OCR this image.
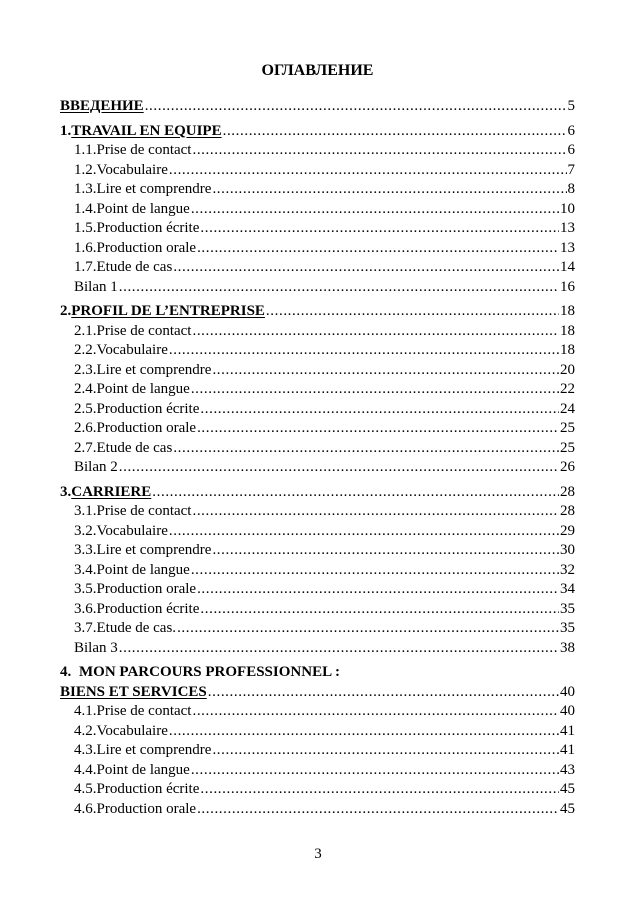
ОГЛАВЛЕНИЕ
ВВЕДЕНИЕ .....	5
1. TRAVAIL EN EQUIPE .....	6
1.1. Prise de contact .....	6
1.2. Vocabulaire .....	7
1.3. Lire et comprendre .....	8
1.4. Point de langue .....	10
1.5. Production écrite .....	13
1.6. Production orale .....	13
1.7. Etude de cas .....	14
Bilan 1 .....	16
2. PROFIL DE L’ENTREPRISE .....	18
2.1. Prise de contact .....	18
2.2. Vocabulaire .....	18
2.3. Lire et comprendre .....	20
2.4. Point de langue .....	22
2.5. Production écrite .....	24
2.6. Production orale .....	25
2.7. Etude de cas .....	25
Bilan 2 .....	26
3. CARRIERE .....	28
3.1. Prise de contact .....	28
3.2. Vocabulaire .....	29
3.3. Lire et comprendre .....	30
3.4. Point de langue .....	32
3.5. Production orale .....	34
3.6. Production écrite .....	35
3.7. Etude de cas. .....	35
Bilan 3 .....	38
4. MON PARCOURS PROFESSIONNEL :
BIENS ET SERVICES .....	40
4.1. Prise de contact .....	40
4.2. Vocabulaire .....	41
4.3. Lire et comprendre .....	41
4.4. Point de langue .....	43
4.5. Production écrite .....	45
4.6. Production orale .....	45
3
